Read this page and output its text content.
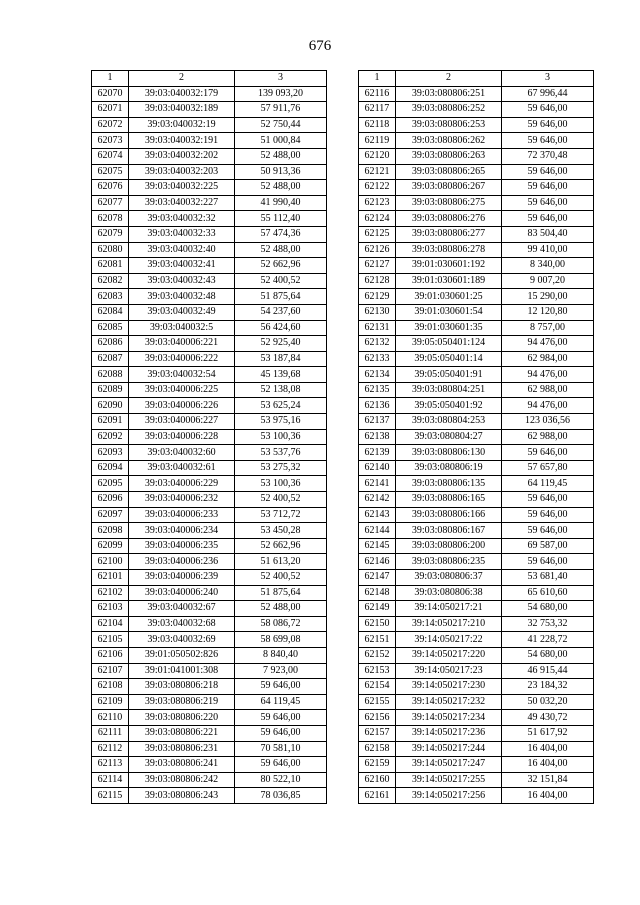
676
1	2	3
62070	39:03:040032:179	139 093,20
62071	39:03:040032:189	57 911,76
62072	39:03:040032:19	52 750,44
62073	39:03:040032:191	51 000,84
62074	39:03:040032:202	52 488,00
62075	39:03:040032:203	50 913,36
62076	39:03:040032:225	52 488,00
62077	39:03:040032:227	41 990,40
62078	39:03:040032:32	55 112,40
62079	39:03:040032:33	57 474,36
62080	39:03:040032:40	52 488,00
62081	39:03:040032:41	52 662,96
62082	39:03:040032:43	52 400,52
62083	39:03:040032:48	51 875,64
62084	39:03:040032:49	54 237,60
62085	39:03:040032:5	56 424,60
62086	39:03:040006:221	52 925,40
62087	39:03:040006:222	53 187,84
62088	39:03:040032:54	45 139,68
62089	39:03:040006:225	52 138,08
62090	39:03:040006:226	53 625,24
62091	39:03:040006:227	53 975,16
62092	39:03:040006:228	53 100,36
62093	39:03:040032:60	53 537,76
62094	39:03:040032:61	53 275,32
62095	39:03:040006:229	53 100,36
62096	39:03:040006:232	52 400,52
62097	39:03:040006:233	53 712,72
62098	39:03:040006:234	53 450,28
62099	39:03:040006:235	52 662,96
62100	39:03:040006:236	51 613,20
62101	39:03:040006:239	52 400,52
62102	39:03:040006:240	51 875,64
62103	39:03:040032:67	52 488,00
62104	39:03:040032:68	58 086,72
62105	39:03:040032:69	58 699,08
62106	39:01:050502:826	8 840,40
62107	39:01:041001:308	7 923,00
62108	39:03:080806:218	59 646,00
62109	39:03:080806:219	64 119,45
62110	39:03:080806:220	59 646,00
62111	39:03:080806:221	59 646,00
62112	39:03:080806:231	70 581,10
62113	39:03:080806:241	59 646,00
62114	39:03:080806:242	80 522,10
62115	39:03:080806:243	78 036,85
1	2	3
62116	39:03:080806:251	67 996,44
62117	39:03:080806:252	59 646,00
62118	39:03:080806:253	59 646,00
62119	39:03:080806:262	59 646,00
62120	39:03:080806:263	72 370,48
62121	39:03:080806:265	59 646,00
62122	39:03:080806:267	59 646,00
62123	39:03:080806:275	59 646,00
62124	39:03:080806:276	59 646,00
62125	39:03:080806:277	83 504,40
62126	39:03:080806:278	99 410,00
62127	39:01:030601:192	8 340,00
62128	39:01:030601:189	9 007,20
62129	39:01:030601:25	15 290,00
62130	39:01:030601:54	12 120,80
62131	39:01:030601:35	8 757,00
62132	39:05:050401:124	94 476,00
62133	39:05:050401:14	62 984,00
62134	39:05:050401:91	94 476,00
62135	39:03:080804:251	62 988,00
62136	39:05:050401:92	94 476,00
62137	39:03:080804:253	123 036,56
62138	39:03:080804:27	62 988,00
62139	39:03:080806:130	59 646,00
62140	39:03:080806:19	57 657,80
62141	39:03:080806:135	64 119,45
62142	39:03:080806:165	59 646,00
62143	39:03:080806:166	59 646,00
62144	39:03:080806:167	59 646,00
62145	39:03:080806:200	69 587,00
62146	39:03:080806:235	59 646,00
62147	39:03:080806:37	53 681,40
62148	39:03:080806:38	65 610,60
62149	39:14:050217:21	54 680,00
62150	39:14:050217:210	32 753,32
62151	39:14:050217:22	41 228,72
62152	39:14:050217:220	54 680,00
62153	39:14:050217:23	46 915,44
62154	39:14:050217:230	23 184,32
62155	39:14:050217:232	50 032,20
62156	39:14:050217:234	49 430,72
62157	39:14:050217:236	51 617,92
62158	39:14:050217:244	16 404,00
62159	39:14:050217:247	16 404,00
62160	39:14:050217:255	32 151,84
62161	39:14:050217:256	16 404,00
